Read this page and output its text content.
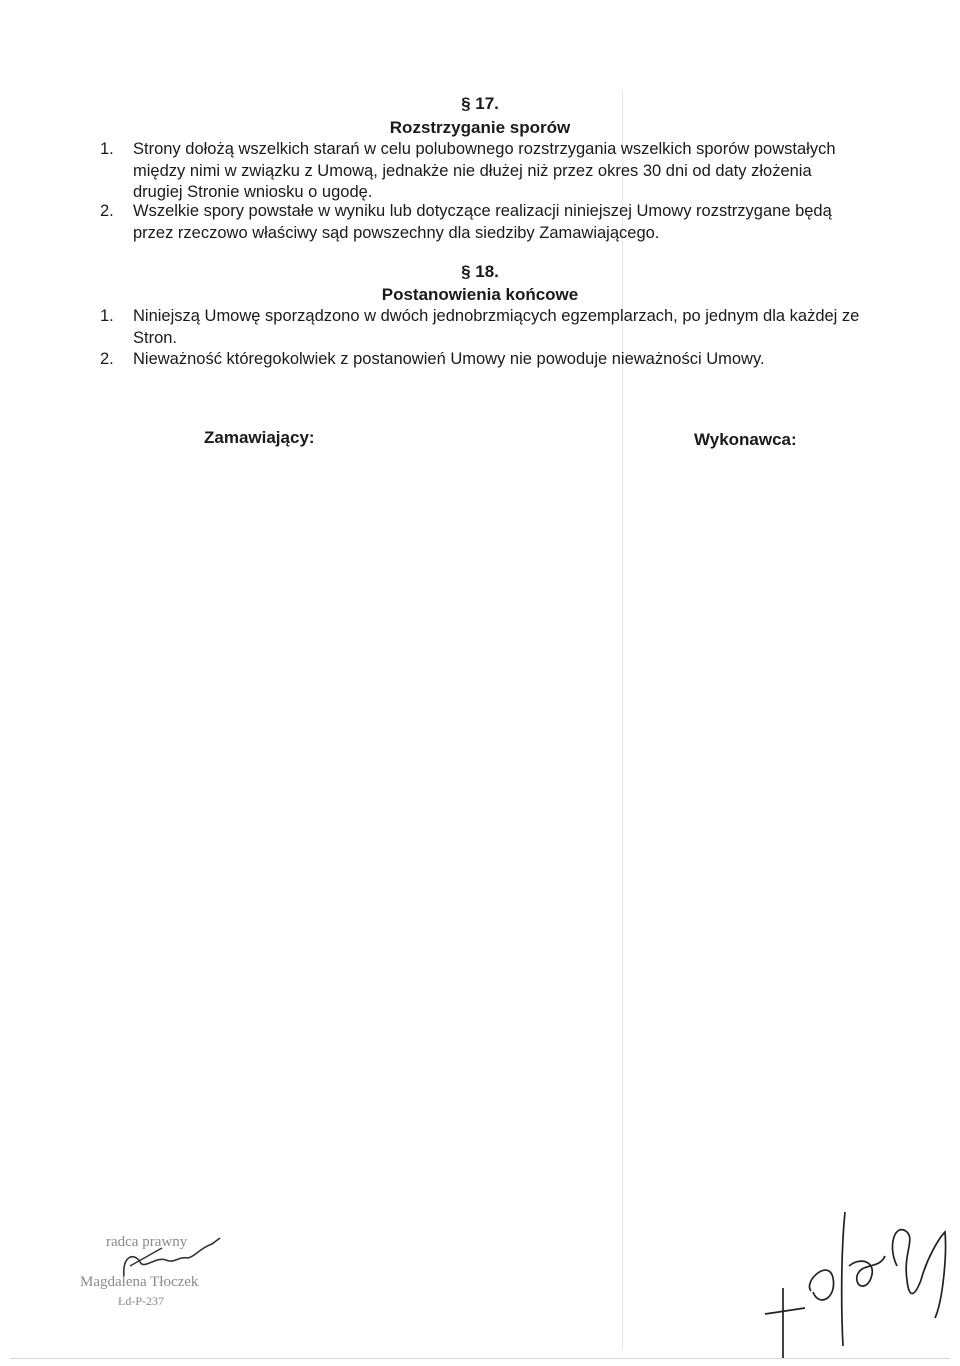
§ 17.
Rozstrzyganie sporów
1. Strony dołożą wszelkich starań w celu polubownego rozstrzygania wszelkich sporów powstałych między nimi w związku z Umową, jednakże nie dłużej niż przez okres 30 dni od daty złożenia drugiej Stronie wniosku o ugodę.
2. Wszelkie spory powstałe w wyniku lub dotyczące realizacji niniejszej Umowy rozstrzygane będą przez rzeczowo właściwy sąd powszechny dla siedziby Zamawiającego.
§ 18.
Postanowienia końcowe
1. Niniejszą Umowę sporządzono w dwóch jednobrzmiących egzemplarzach, po jednym dla każdej ze Stron.
2. Nieważność któregokolwiek z postanowień Umowy nie powoduje nieważności Umowy.
Zamawiający:	Wykonawca:
radca prawny
Magdalena Tłoczek
Łd-P-237
